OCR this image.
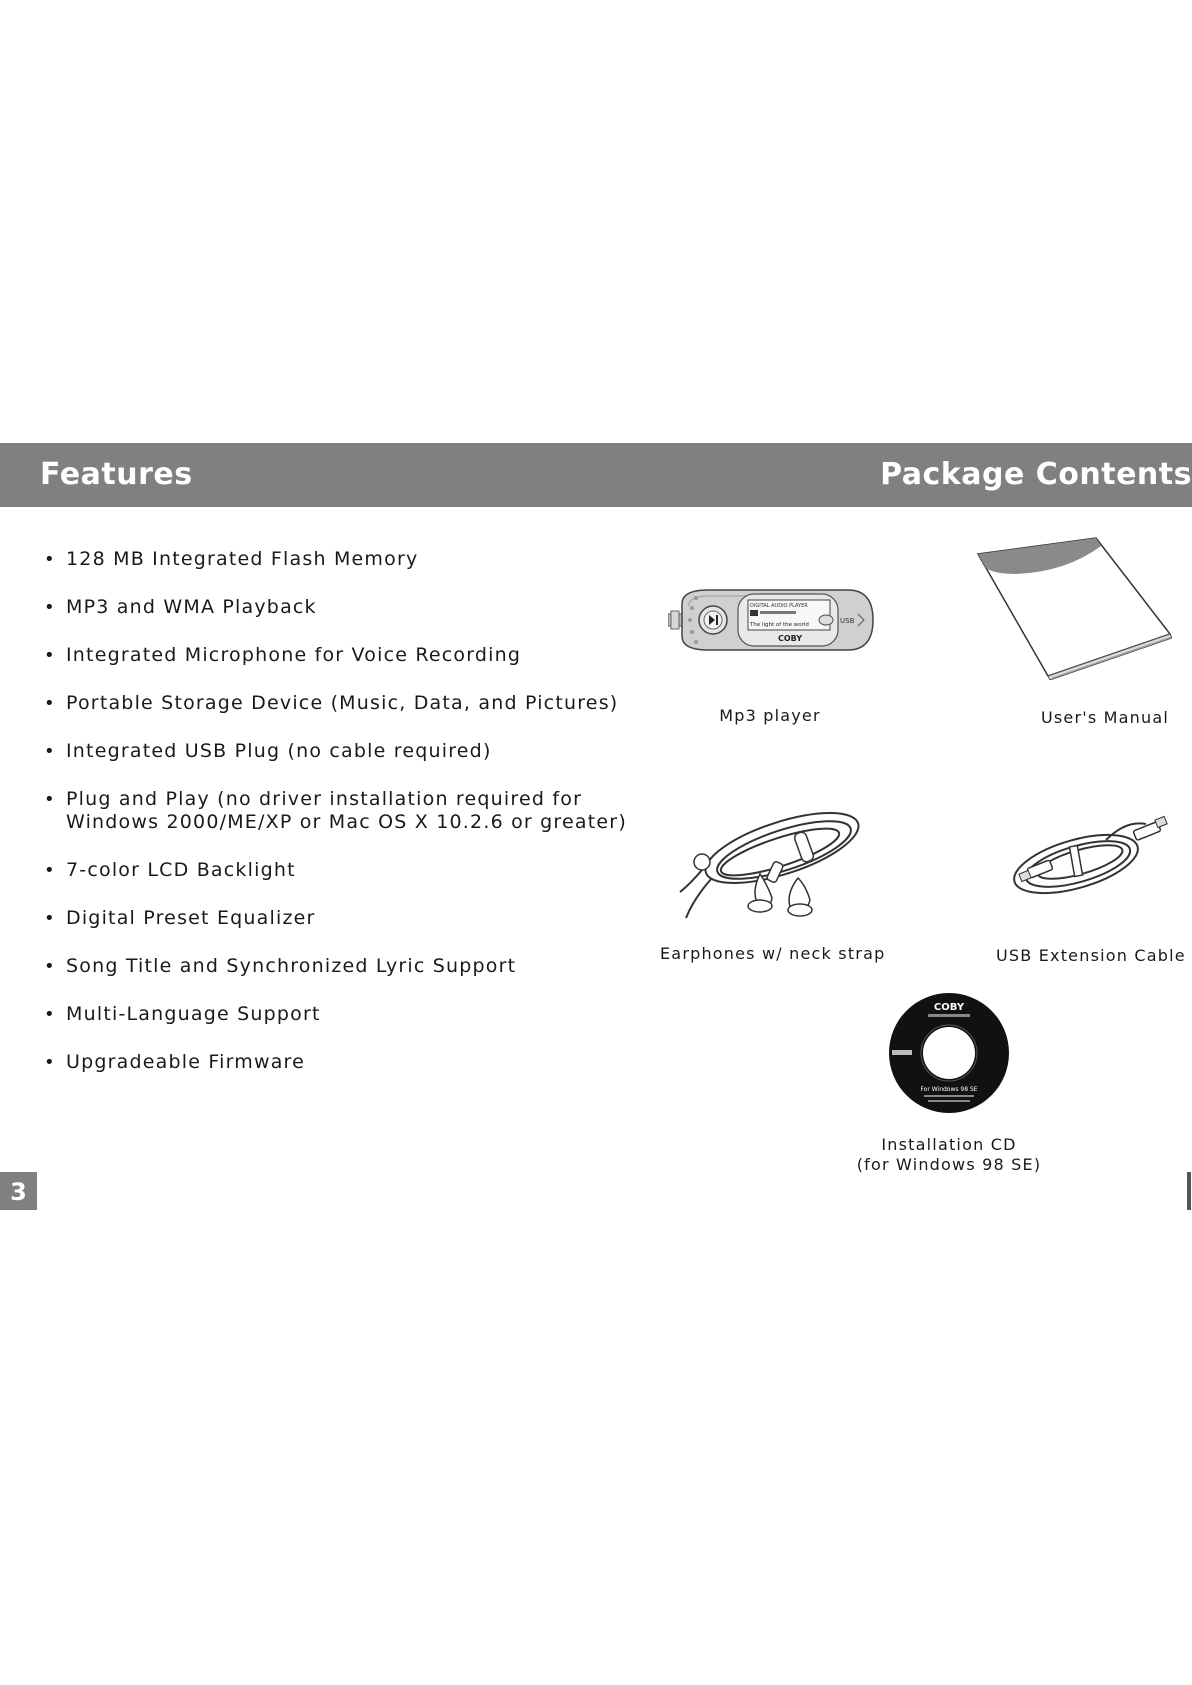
Features	Package Contents
• 128 MB Integrated Flash Memory
• MP3 and WMA Playback
• Integrated Microphone for Voice Recording
• Portable Storage Device (Music, Data, and Pictures)
• Integrated USB Plug (no cable required)
• Plug and Play (no driver installation required for
Windows 2000/ME/XP or Mac OS X 10.2.6 or greater)
• 7-color LCD Backlight
• Digital Preset Equalizer
• Song Title and Synchronized Lyric Support
• Multi-Language Support
• Upgradeable Firmware
DIGITAL AUDIO PLAYER
The light of the world
COBY
USB
Mp3 player	User's Manual
Earphones w/ neck strap	USB Extension Cable
COBY
For Windows 98 SE
Installation CD
(for Windows 98 SE)
3
